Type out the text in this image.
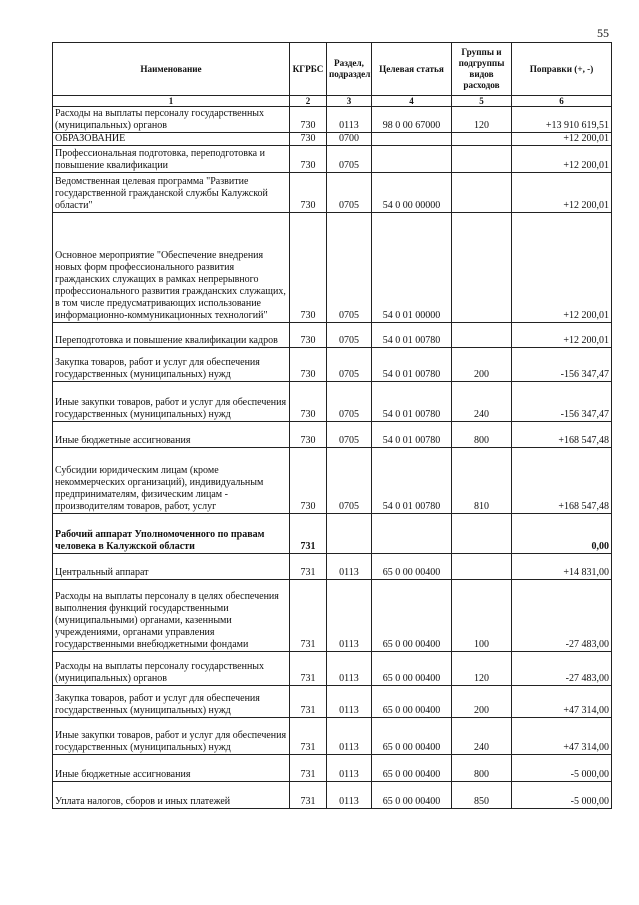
55
Наименование	КГРБС	Раздел, подраздел	Целевая статья	Группы и подгруппы видов расходов	Поправки (+, -)
1	2	3	4	5	6
Расходы на выплаты персоналу государственных (муниципальных) органов	730	0113	98 0 00 67000	120	+13 910 619,51
ОБРАЗОВАНИЕ	730	0700			+12 200,01
Профессиональная подготовка, переподготовка и повышение квалификации	730	0705			+12 200,01
Ведомственная целевая программа "Развитие государственной гражданской службы Калужской области"	730	0705	54 0 00 00000		+12 200,01
Основное мероприятие "Обеспечение внедрения новых форм профессионального развития гражданских служащих в рамках непрерывного профессионального развития гражданских служащих, в том числе предусматривающих использование информационно-коммуникационных технологий"	730	0705	54 0 01 00000		+12 200,01
Переподготовка и повышение квалификации кадров	730	0705	54 0 01 00780		+12 200,01
Закупка товаров, работ и услуг для обеспечения государственных (муниципальных) нужд	730	0705	54 0 01 00780	200	-156 347,47
Иные закупки товаров, работ и услуг для обеспечения государственных (муниципальных) нужд	730	0705	54 0 01 00780	240	-156 347,47
Иные бюджетные ассигнования	730	0705	54 0 01 00780	800	+168 547,48
Субсидии юридическим лицам (кроме некоммерческих организаций), индивидуальным предпринимателям, физическим лицам - производителям товаров, работ, услуг	730	0705	54 0 01 00780	810	+168 547,48
Рабочий аппарат Уполномоченного по правам человека в Калужской области	731				0,00
Центральный аппарат	731	0113	65 0 00 00400		+14 831,00
Расходы на выплаты персоналу в целях обеспечения выполнения функций государственными (муниципальными) органами, казенными учреждениями, органами управления государственными внебюджетными фондами	731	0113	65 0 00 00400	100	-27 483,00
Расходы на выплаты персоналу государственных (муниципальных) органов	731	0113	65 0 00 00400	120	-27 483,00
Закупка товаров, работ и услуг для обеспечения государственных (муниципальных) нужд	731	0113	65 0 00 00400	200	+47 314,00
Иные закупки товаров, работ и услуг для обеспечения государственных (муниципальных) нужд	731	0113	65 0 00 00400	240	+47 314,00
Иные бюджетные ассигнования	731	0113	65 0 00 00400	800	-5 000,00
Уплата налогов, сборов и иных платежей	731	0113	65 0 00 00400	850	-5 000,00
